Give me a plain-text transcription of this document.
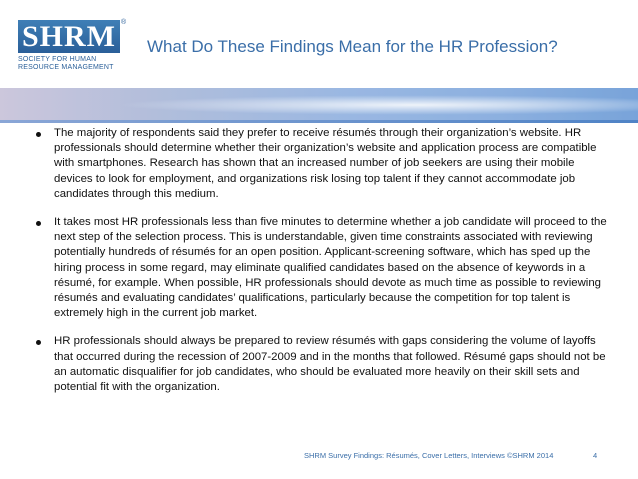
SHRM ®
SOCIETY FOR HUMAN
RESOURCE MANAGEMENT
What Do These Findings Mean for the HR Profession?
The majority of respondents said they prefer to receive résumés through their organization’s website. HR professionals should determine whether their organization’s website and application process are compatible with smartphones. Research has shown that an increased number of job seekers are using their mobile devices to look for employment, and organizations risk losing top talent if they cannot accommodate job candidates through this medium.
It takes most HR professionals less than five minutes to determine whether a job candidate will proceed to the next step of the selection process. This is understandable, given time constraints associated with reviewing potentially hundreds of résumés for an open position. Applicant-screening software, which has sped up the hiring process in some regard, may eliminate qualified candidates based on the absence of keywords in a résumé, for example. When possible, HR professionals should devote as much time as possible to reviewing résumés and evaluating candidates’ qualifications, particularly because the competition for top talent is extremely high in the current job market.
HR professionals should always be prepared to review résumés with gaps considering the volume of layoffs that occurred during the recession of 2007-2009 and in the months that followed. Résumé gaps should not be an automatic disqualifier for job candidates, who should be evaluated more heavily on their skill sets and potential fit with the organization.
SHRM Survey Findings: Résumés, Cover Letters, Interviews ©SHRM 2014	4
